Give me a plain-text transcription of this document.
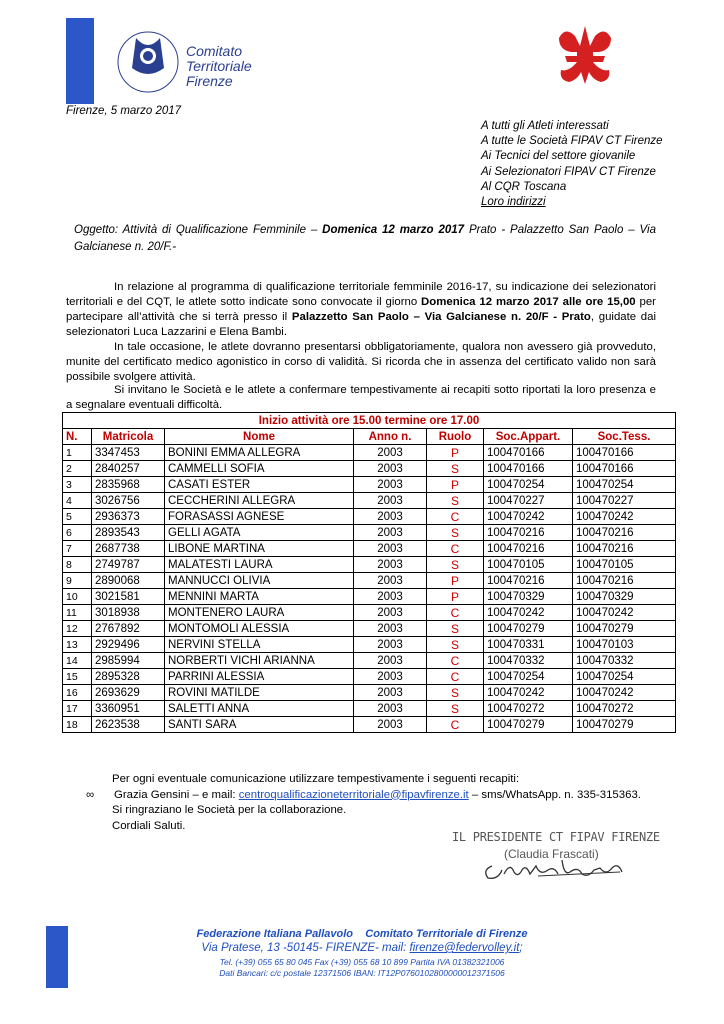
Comitato
Territoriale
Firenze
Firenze, 5 marzo 2017
A tutti gli Atleti interessati
A tutte le Società FIPAV CT Firenze
Ai Tecnici del settore giovanile
Ai Selezionatori FIPAV CT Firenze
Al CQR Toscana
Loro indirizzi
Oggetto: Attività di Qualificazione Femminile – Domenica 12 marzo 2017 Prato - Palazzetto San Paolo – Via Galcianese n. 20/F.-
In relazione al programma di qualificazione territoriale femminile 2016-17, su indicazione dei selezionatori territoriali e del CQT, le atlete sotto indicate sono convocate il giorno Domenica 12 marzo 2017 alle ore 15,00 per partecipare all’attività che si terrà presso il Palazzetto San Paolo – Via Galcianese n. 20/F - Prato, guidate dai selezionatori Luca Lazzarini e Elena Bambi.
In tale occasione, le atlete dovranno presentarsi obbligatoriamente, qualora non avessero già provveduto, munite del certificato medico agonistico in corso di validità. Si ricorda che in assenza del certificato valido non sarà possibile svolgere attività.
Si invitano le Società e le atlete a confermare tempestivamente ai recapiti sotto riportati la loro presenza e a segnalare eventuali difficoltà.
Inizio attività ore 15.00 termine ore 17.00						
N.	Matricola	Nome	Anno n.	Ruolo	Soc.Appart.	Soc.Tess.
1	3347453	BONINI EMMA ALLEGRA	2003	P	100470166	100470166
2	2840257	CAMMELLI SOFIA	2003	S	100470166	100470166
3	2835968	CASATI ESTER	2003	P	100470254	100470254
4	3026756	CECCHERINI ALLEGRA	2003	S	100470227	100470227
5	2936373	FORASASSI AGNESE	2003	C	100470242	100470242
6	2893543	GELLI AGATA	2003	S	100470216	100470216
7	2687738	LIBONE MARTINA	2003	C	100470216	100470216
8	2749787	MALATESTI LAURA	2003	S	100470105	100470105
9	2890068	MANNUCCI OLIVIA	2003	P	100470216	100470216
10	3021581	MENNINI MARTA	2003	P	100470329	100470329
11	3018938	MONTENERO LAURA	2003	C	100470242	100470242
12	2767892	MONTOMOLI ALESSIA	2003	S	100470279	100470279
13	2929496	NERVINI STELLA	2003	S	100470331	100470103
14	2985994	NORBERTI VICHI ARIANNA	2003	C	100470332	100470332
15	2895328	PARRINI ALESSIA	2003	C	100470254	100470254
16	2693629	ROVINI MATILDE	2003	S	100470242	100470242
17	3360951	SALETTI ANNA	2003	S	100470272	100470272
18	2623538	SANTI SARA	2003	C	100470279	100470279
Per ogni eventuale comunicazione utilizzare tempestivamente i seguenti recapiti:
∞ Grazia Gensini – e mail: centroqualificazioneterritoriale@fipavfirenze.it – sms/WhatsApp. n. 335-315363.
Si ringraziano le Società per la collaborazione.
Cordiali Saluti.
IL PRESIDENTE CT FIPAV FIRENZE
(Claudia Frascati)
Federazione Italiana Pallavolo Comitato Territoriale di Firenze
Via Pratese, 13 -50145- FIRENZE- mail: firenze@federvolley.it;
Tel. (+39) 055 65 80 045 Fax (+39) 055 68 10 899 Partita IVA 01382321006
Dati Bancari: c/c postale 12371506 IBAN: IT12P0760102800000012371506
